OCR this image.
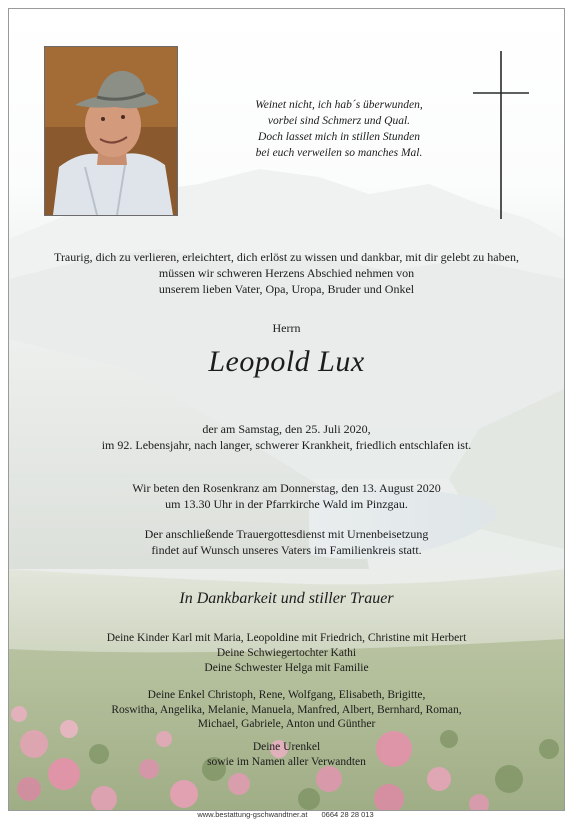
Weinet nicht, ich hab´s überwunden,
vorbei sind Schmerz und Qual.
Doch lasset mich in stillen Stunden
bei euch verweilen so manches Mal.
Traurig, dich zu verlieren, erleichtert, dich erlöst zu wissen und dankbar, mit dir gelebt zu haben,
müssen wir schweren Herzens Abschied nehmen von
unserem lieben Vater, Opa, Uropa, Bruder und Onkel
Herrn
Leopold Lux
der am Samstag, den 25. Juli 2020,
im 92. Lebensjahr, nach langer, schwerer Krankheit, friedlich entschlafen ist.
Wir beten den Rosenkranz am Donnerstag, den 13. August 2020
um 13.30 Uhr in der Pfarrkirche Wald im Pinzgau.
Der anschließende Trauergottesdienst mit Urnenbeisetzung
findet auf Wunsch unseres Vaters im Familienkreis statt.
In Dankbarkeit und stiller Trauer
Deine Kinder Karl mit Maria, Leopoldine mit Friedrich, Christine mit Herbert
Deine Schwiegertochter Kathi
Deine Schwester Helga mit Familie
Deine Enkel Christoph, Rene, Wolfgang, Elisabeth, Brigitte,
Roswitha, Angelika, Melanie, Manuela, Manfred, Albert, Bernhard, Roman,
Michael, Gabriele, Anton und Günther
Deine Urenkel
sowie im Namen aller Verwandten
www.bestattung-gschwandtner.at 0664 28 28 013
